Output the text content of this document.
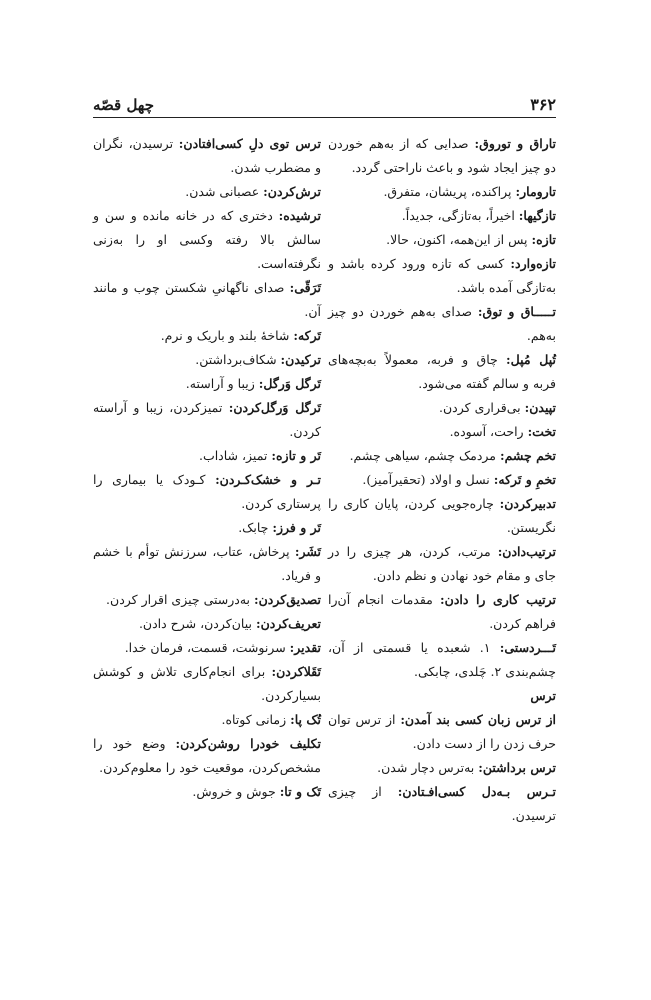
۳۶۲
چهل قصّه

تاراق و توروق: صدایی که از به‌هم خوردن دو چیز ایجاد شود و باعث ناراحتی گردد.

تارومار: پراکنده، پریشان، متفرق.

تازگیها: اخیراً، به‌تازگی، جدیداً.

تازه: پس از این‌همه، اکنون، حالا.

تازه‌وارد: کسی که تازه ورود کرده باشد و به‌تازگی آمده باشد.

تـــــاق و توق: صدای به‌هم خوردن دو چیز به‌هم.

تُپل مُپل: چاق و فربه، معمولاً به‌بچه‌های فربه و سالم گفته می‌شود.

تپیدن: بی‌قراری کردن.

تخت: راحت، آسوده.

تخم چشم: مردمک چشم، سیاهی چشم.

تخمِ و تَرکه: نسل و اولاد (تحقیرآمیز).

تدبیرکردن: چاره‌جویی کردن، پایان کاری را نگریستن.

ترتیب‌دادن: مرتب، کردن، هر چیزی را در جای و مقام خود نهادن و نظم دادن.

ترتیب کاری را دادن: مقدمات انجام آن‌را فراهم کردن.

تَـــردستی: ۱. شعبده یا قسمتی از آن، چشم‌بندی ۲. چَلدی، چابکی.

ترس

از ترس زبان کسی بند آمدن: از ترس توان حرف زدن را از دست دادن.

ترس بر‌داشتن: به‌ترس دچار شدن.

تـرس بـه‌دل کسی‌افـتادن: از چیزی ترسیدن.

ترس توی دلِ کسی‌افتادن: ترسیدن، نگران و مضطرب شدن.

ترش‌کردن: عصبانی شدن.

ترشیده: دختری که در خانه مانده و سن و سالش بالا رفته وکسی او را به‌زنی نگرفته‌است.

تَرَقّی: صدای ناگهانیِ شکستن چوب و مانند آن.

تَرکه: شاخهٔ بلند و باریک و نرم.

ترکیدن: شکاف‌برداشتن.

تَرگل وَرگل: زیبا و آراسته.

تَرگل وَرگل‌کردن: تمیزکردن، زیبا و آراسته کردن.

تَر و تازه: تمیز، شاداب.

تـر و خشک‌کـردن: کـودک یا بیماری را پرستاری کردن.

تَر و فرز: چابک.

تَشَر: پرخاش، عتاب، سرزنش توأم با خشم و فریاد.

تصدیق‌کردن: به‌درستی چیزی اقرار کردن.

تعریف‌کردن: بیان‌کردن، شرح دادن.

تقدیر: سرنوشت، قسمت، فرمان خدا.

تَقَلاکردن: برای انجام‌کاری تلاش و کوشش بسیارکردن.

تُک پا: زمانی کوتاه.

تکلیف خود‌را روشن‌کردن: وضع خود را مشخص‌کردن، موقعیت خود را معلوم‌کردن.

تَک و تا: جوش و خروش.
